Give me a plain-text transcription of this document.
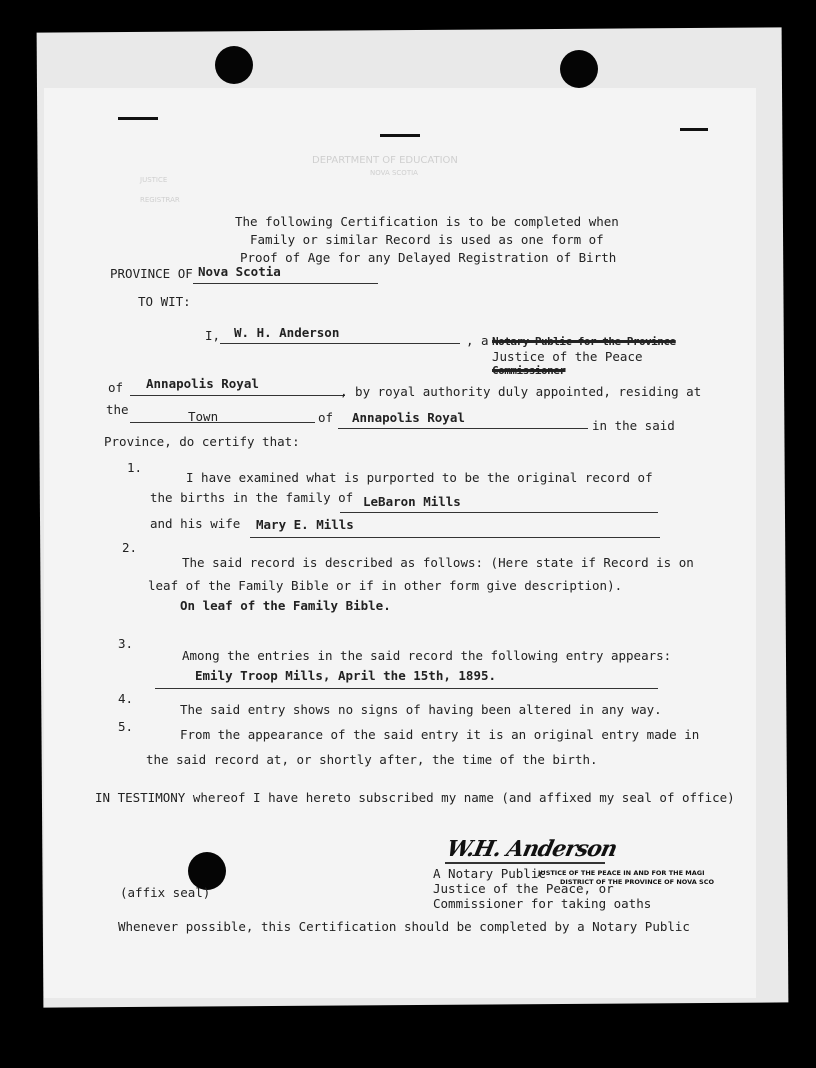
DEPARTMENT OF EDUCATION
NOVA SCOTIA
JUSTICE
REGISTRAR
The following Certification is to be completed when
Family or similar Record is used as one form of
Proof of Age for any Delayed Registration of Birth
PROVINCE OF Nova Scotia
TO WIT:
I, W. H. Anderson
, a Notary Public for the Province
Justice of the Peace
Commissioner
of Annapolis Royal
, by royal authority duly appointed, residing at
the	Town	of Annapolis Royal
in the said
Province, do certify that:
1.
I have examined what is purported to be the original record of
the births in the family of LeBaron Mills
and his wife Mary E. Mills
2.
The said record is described as follows: (Here state if Record is on
leaf of the Family Bible or if in other form give description).
On leaf of the Family Bible.
3.
Among the entries in the said record the following entry appears:
Emily Troop Mills, April the 15th, 1895.
4.
The said entry shows no signs of having been altered in any way.
5.
From the appearance of the said entry it is an original entry made in
the said record at, or shortly after, the time of the birth.
IN TESTIMONY whereof I have hereto subscribed my name (and affixed my seal of office)
W.H. Anderson
JUSTICE OF THE PEACE IN AND FOR THE MAGI
DISTRICT OF THE PROVINCE OF NOVA SCO
A Notary Public
Justice of the Peace, or
Commissioner for taking oaths
(affix seal)
Whenever possible, this Certification should be completed by a Notary Public
